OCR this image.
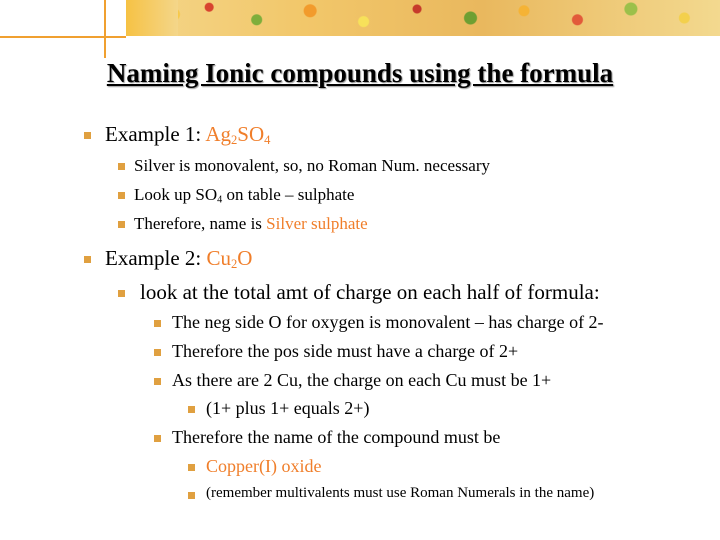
Naming Ionic compounds using the formula
Example 1: $Ag_2SO_4$
Silver is monovalent, so, no Roman Num. necessary
Look up $SO_4$ on table – sulphate
Therefore, name is Silver sulphate
Example 2: $Cu_2O$
look at the total amt of charge on each half of formula:
The neg side O for oxygen is monovalent – has charge of 2-
Therefore the pos side must have a charge of 2+
As there are 2 Cu, the charge on each Cu must be 1+
(1+ plus 1+ equals 2+)
Therefore the name of the compound must be
Copper(I) oxide
(remember multivalents must use Roman Numerals in the name)
